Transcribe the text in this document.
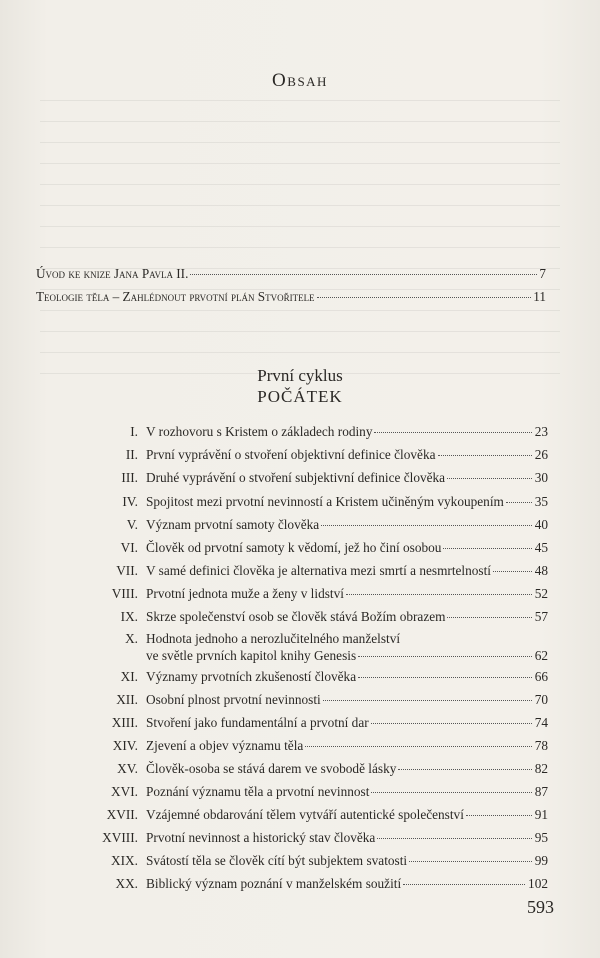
Obsah
Úvod ke knize Jana Pavla II.	7
Teologie těla – Zahlédnout prvotní plán Stvořitele	11
První cyklus
POČÁTEK
I. V rozhovoru s Kristem o základech rodiny	23
II. První vyprávění o stvoření objektivní definice člověka	26
III. Druhé vyprávění o stvoření subjektivní definice člověka	30
IV. Spojitost mezi prvotní nevinností a Kristem učiněným vykoupením 35
V. Význam prvotní samoty člověka	40
VI. Člověk od prvotní samoty k vědomí, jež ho činí osobou	45
VII. V samé definici člověka je alternativa mezi smrtí a nesmrtelností	48
VIII. Prvotní jednota muže a ženy v lidství	52
IX. Skrze společenství osob se člověk stává Božím obrazem	57
X. Hodnota jednoho a nerozlučitelného manželství
ve světle prvních kapitol knihy Genesis	62
XI. Významy prvotních zkušeností člověka	66
XII. Osobní plnost prvotní nevinnosti	70
XIII. Stvoření jako fundamentální a prvotní dar	74
XIV. Zjevení a objev významu těla	78
XV. Člověk-osoba se stává darem ve svobodě lásky	82
XVI. Poznání významu těla a prvotní nevinnost	87
XVII. Vzájemné obdarování tělem vytváří autentické společenství	91
XVIII. Prvotní nevinnost a historický stav člověka	95
XIX. Svátostí těla se člověk cítí být subjektem svatosti	99
XX. Biblický význam poznání v manželském soužití	102
593
